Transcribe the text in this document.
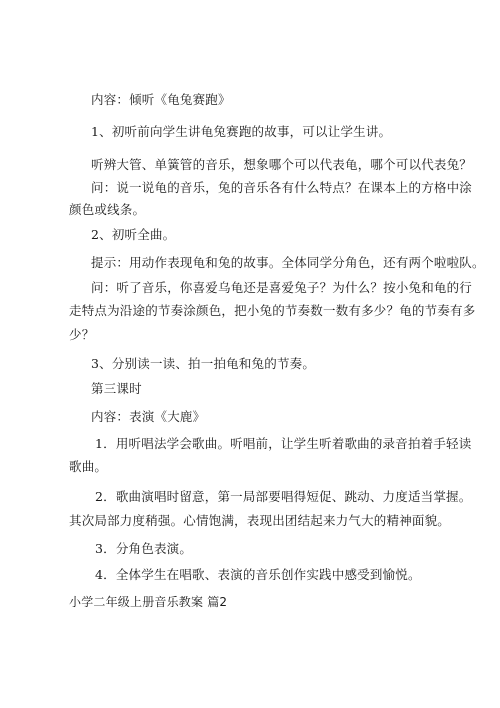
内容：倾听《龟兔赛跑》
1、初听前向学生讲龟兔赛跑的故事，可以让学生讲。
听辨大管、单簧管的音乐，想象哪个可以代表龟，哪个可以代表兔？
问：说一说龟的音乐，兔的音乐各有什么特点？在课本上的方格中涂
颜色或线条。
2、初听全曲。
提示：用动作表现龟和兔的故事。全体同学分角色，还有两个啦啦队。
问：听了音乐，你喜爱乌龟还是喜爱兔子？为什么？按小兔和龟的行
走特点为沿途的节奏涂颜色，把小兔的节奏数一数有多少？龟的节奏有多
少？
3、分别读一读、拍一拍龟和兔的节奏。
第三课时
内容：表演《大鹿》
1．用听唱法学会歌曲。听唱前，让学生听着歌曲的录音拍着手轻读
歌曲。
2．歌曲演唱时留意，第一局部要唱得短促、跳动、力度适当掌握。
其次局部力度稍强。心情饱满，表现出团结起来力气大的精神面貌。
3．分角色表演。
4．全体学生在唱歌、表演的音乐创作实践中感受到愉悦。
小学二年级上册音乐教案 篇2
